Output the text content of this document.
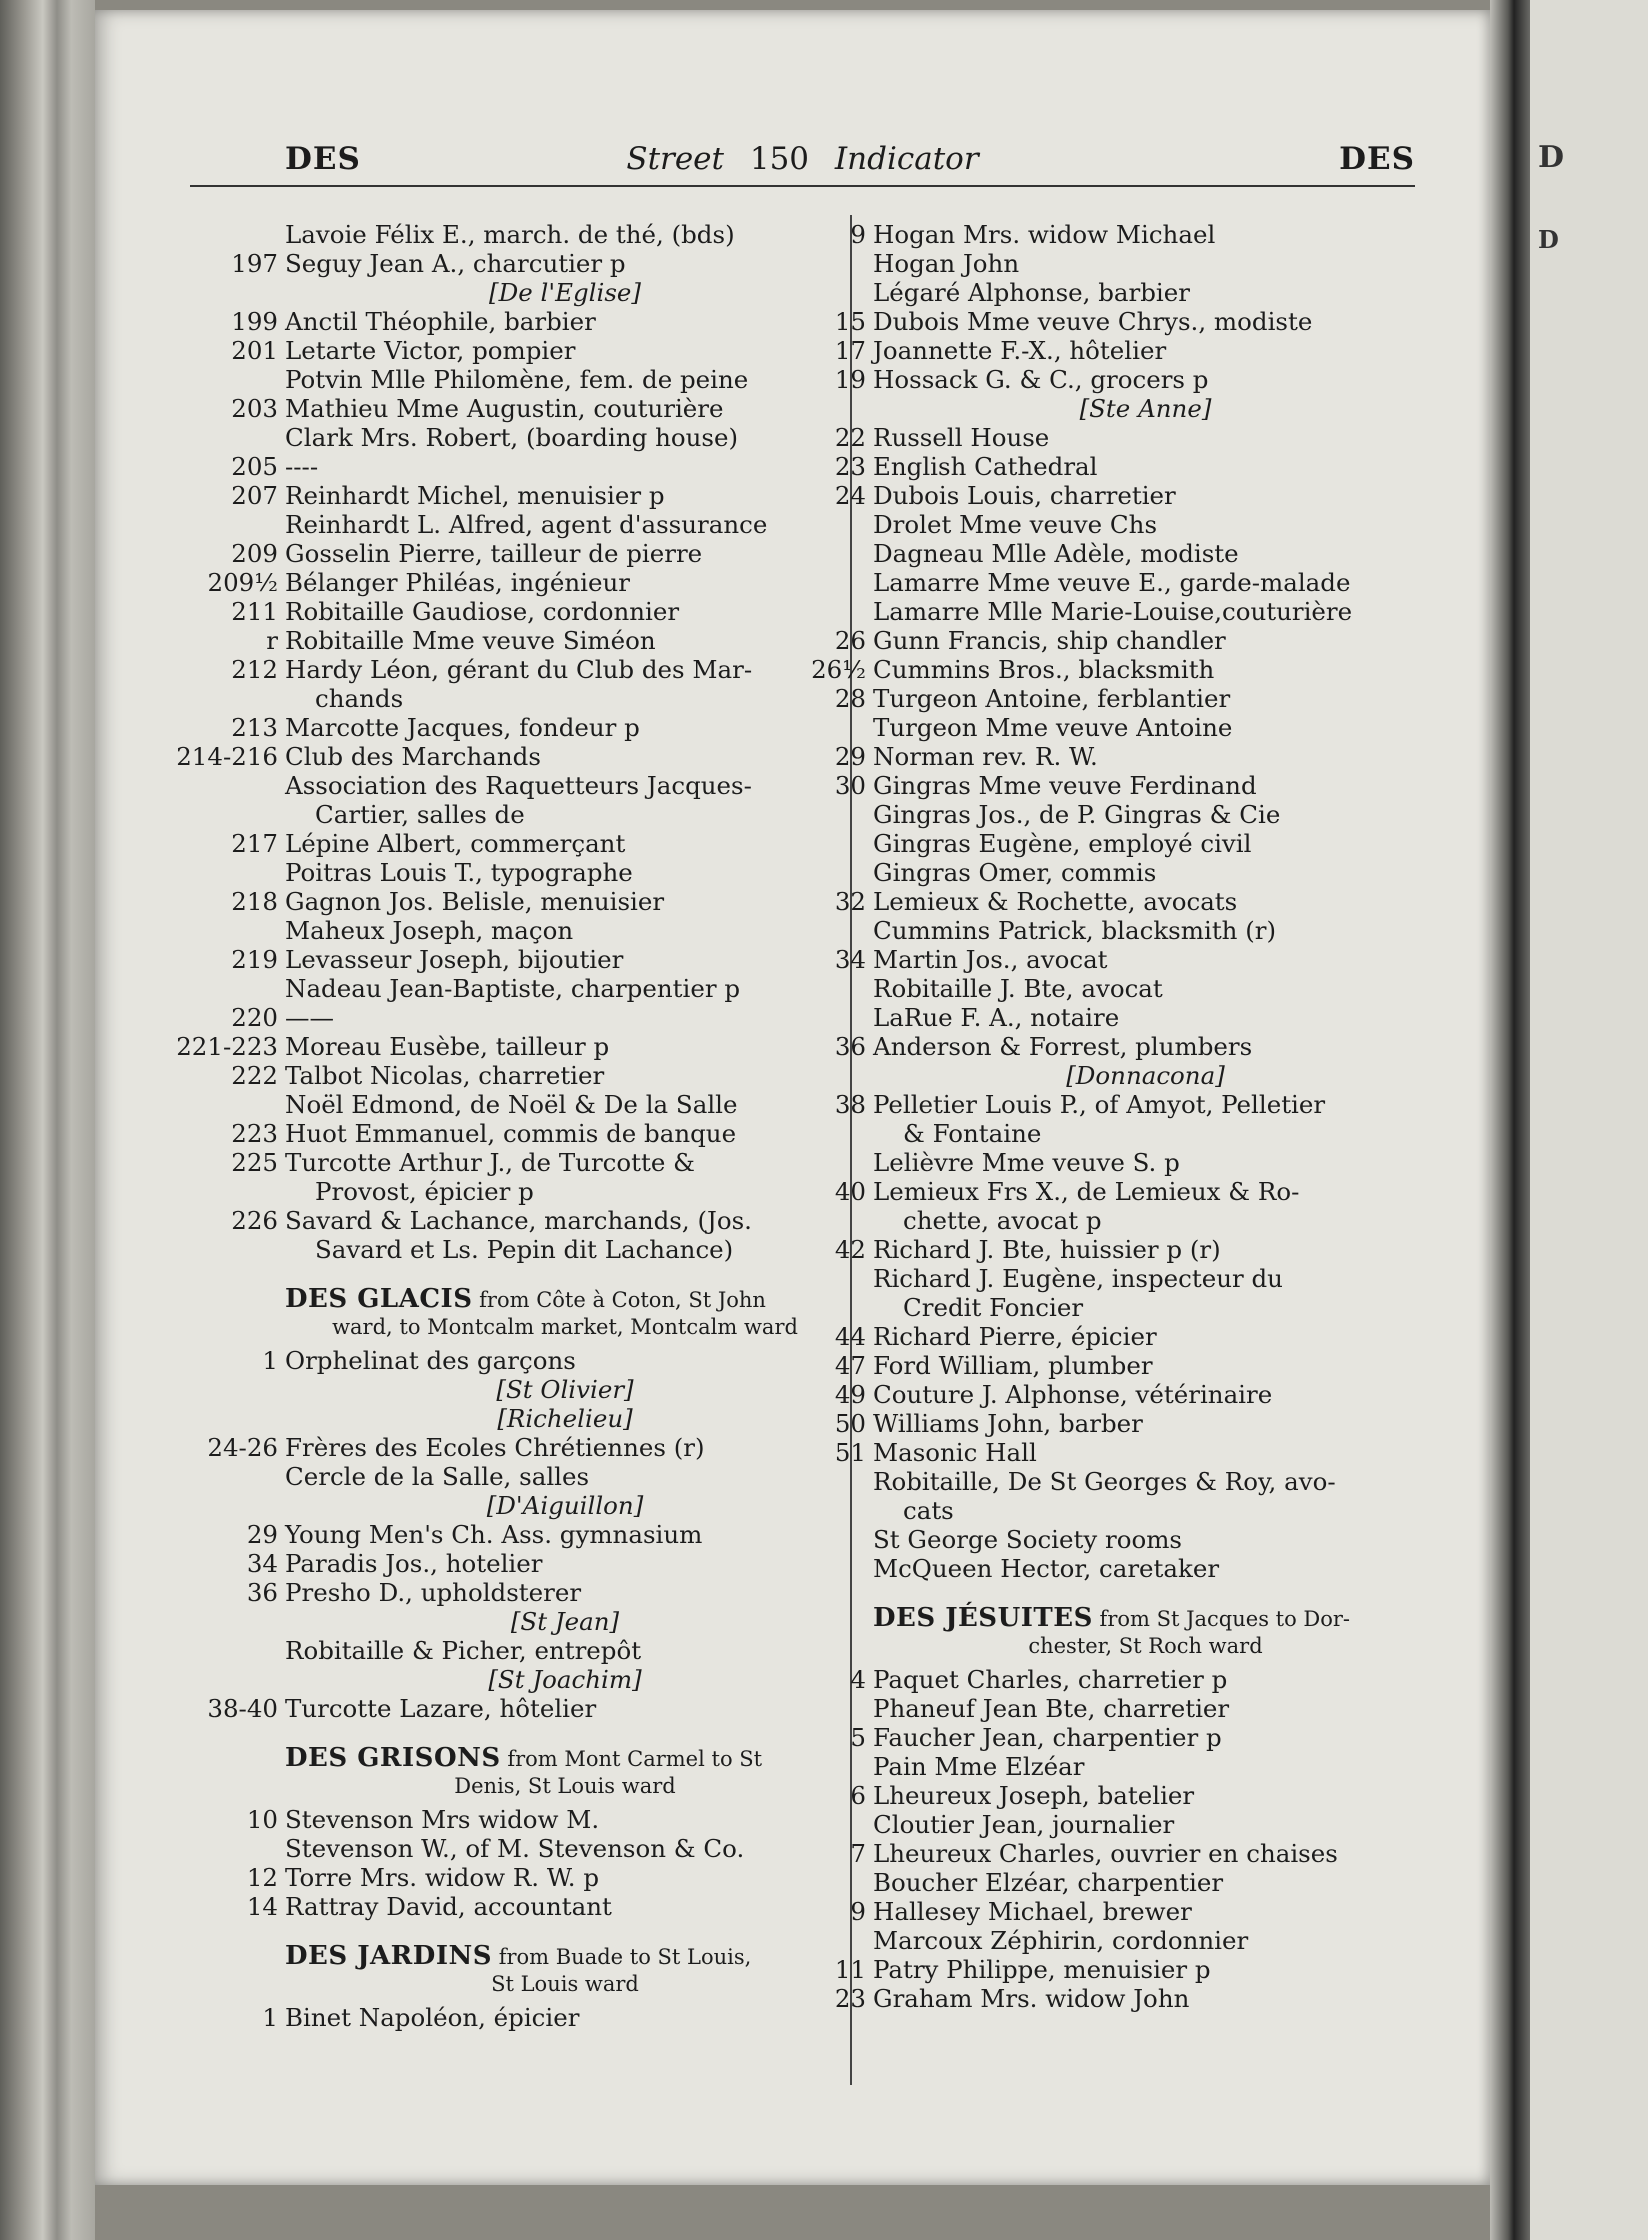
D
D
DES	Street 150 Indicator	DES
Lavoie Félix E., march. de thé, (bds)
197 Seguy Jean A., charcutier p
[De l'Eglise]
199 Anctil Théophile, barbier
201 Letarte Victor, pompier
Potvin Mlle Philomène, fem. de peine
203 Mathieu Mme Augustin, couturière
Clark Mrs. Robert, (boarding house)
205 ----
207 Reinhardt Michel, menuisier p
Reinhardt L. Alfred, agent d'assurance
209 Gosselin Pierre, tailleur de pierre
209½ Bélanger Philéas, ingénieur
211 Robitaille Gaudiose, cordonnier
r Robitaille Mme veuve Siméon
212 Hardy Léon, gérant du Club des Mar-
chands
213 Marcotte Jacques, fondeur p
214-216 Club des Marchands
Association des Raquetteurs Jacques-
Cartier, salles de
217 Lépine Albert, commerçant
Poitras Louis T., typographe
218 Gagnon Jos. Belisle, menuisier
Maheux Joseph, maçon
219 Levasseur Joseph, bijoutier
Nadeau Jean-Baptiste, charpentier p
220 ——
221-223 Moreau Eusèbe, tailleur p
222 Talbot Nicolas, charretier
Noël Edmond, de Noël & De la Salle
223 Huot Emmanuel, commis de banque
225 Turcotte Arthur J., de Turcotte &
Provost, épicier p
226 Savard & Lachance, marchands, (Jos.
Savard et Ls. Pepin dit Lachance)
DES GLACIS from Côte à Coton, St John
ward, to Montcalm market, Montcalm ward
1 Orphelinat des garçons
[St Olivier]
[Richelieu]
24-26 Frères des Ecoles Chrétiennes (r)
Cercle de la Salle, salles
[D'Aiguillon]
29 Young Men's Ch. Ass. gymnasium
34 Paradis Jos., hotelier
36 Presho D., upholdsterer
[St Jean]
Robitaille & Picher, entrepôt
[St Joachim]
38-40 Turcotte Lazare, hôtelier
DES GRISONS from Mont Carmel to St
Denis, St Louis ward
10 Stevenson Mrs widow M.
Stevenson W., of M. Stevenson & Co.
12 Torre Mrs. widow R. W. p
14 Rattray David, accountant
DES JARDINS from Buade to St Louis,
St Louis ward
1 Binet Napoléon, épicier
9 Hogan Mrs. widow Michael
Hogan John
Légaré Alphonse, barbier
15 Dubois Mme veuve Chrys., modiste
17 Joannette F.-X., hôtelier
19 Hossack G. & C., grocers p
[Ste Anne]
22 Russell House
23 English Cathedral
24 Dubois Louis, charretier
Drolet Mme veuve Chs
Dagneau Mlle Adèle, modiste
Lamarre Mme veuve E., garde-malade
Lamarre Mlle Marie-Louise,couturière
26 Gunn Francis, ship chandler
26½ Cummins Bros., blacksmith
28 Turgeon Antoine, ferblantier
Turgeon Mme veuve Antoine
29 Norman rev. R. W.
30 Gingras Mme veuve Ferdinand
Gingras Jos., de P. Gingras & Cie
Gingras Eugène, employé civil
Gingras Omer, commis
32 Lemieux & Rochette, avocats
Cummins Patrick, blacksmith (r)
34 Martin Jos., avocat
Robitaille J. Bte, avocat
LaRue F. A., notaire
36 Anderson & Forrest, plumbers
[Donnacona]
38 Pelletier Louis P., of Amyot, Pelletier
& Fontaine
Lelièvre Mme veuve S. p
40 Lemieux Frs X., de Lemieux & Ro-
chette, avocat p
42 Richard J. Bte, huissier p (r)
Richard J. Eugène, inspecteur du
Credit Foncier
44 Richard Pierre, épicier
47 Ford William, plumber
49 Couture J. Alphonse, vétérinaire
50 Williams John, barber
51 Masonic Hall
Robitaille, De St Georges & Roy, avo-
cats
St George Society rooms
McQueen Hector, caretaker
DES JÉSUITES from St Jacques to Dor-
chester, St Roch ward
4 Paquet Charles, charretier p
Phaneuf Jean Bte, charretier
5 Faucher Jean, charpentier p
Pain Mme Elzéar
6 Lheureux Joseph, batelier
Cloutier Jean, journalier
7 Lheureux Charles, ouvrier en chaises
Boucher Elzéar, charpentier
9 Hallesey Michael, brewer
Marcoux Zéphirin, cordonnier
11 Patry Philippe, menuisier p
23 Graham Mrs. widow John
